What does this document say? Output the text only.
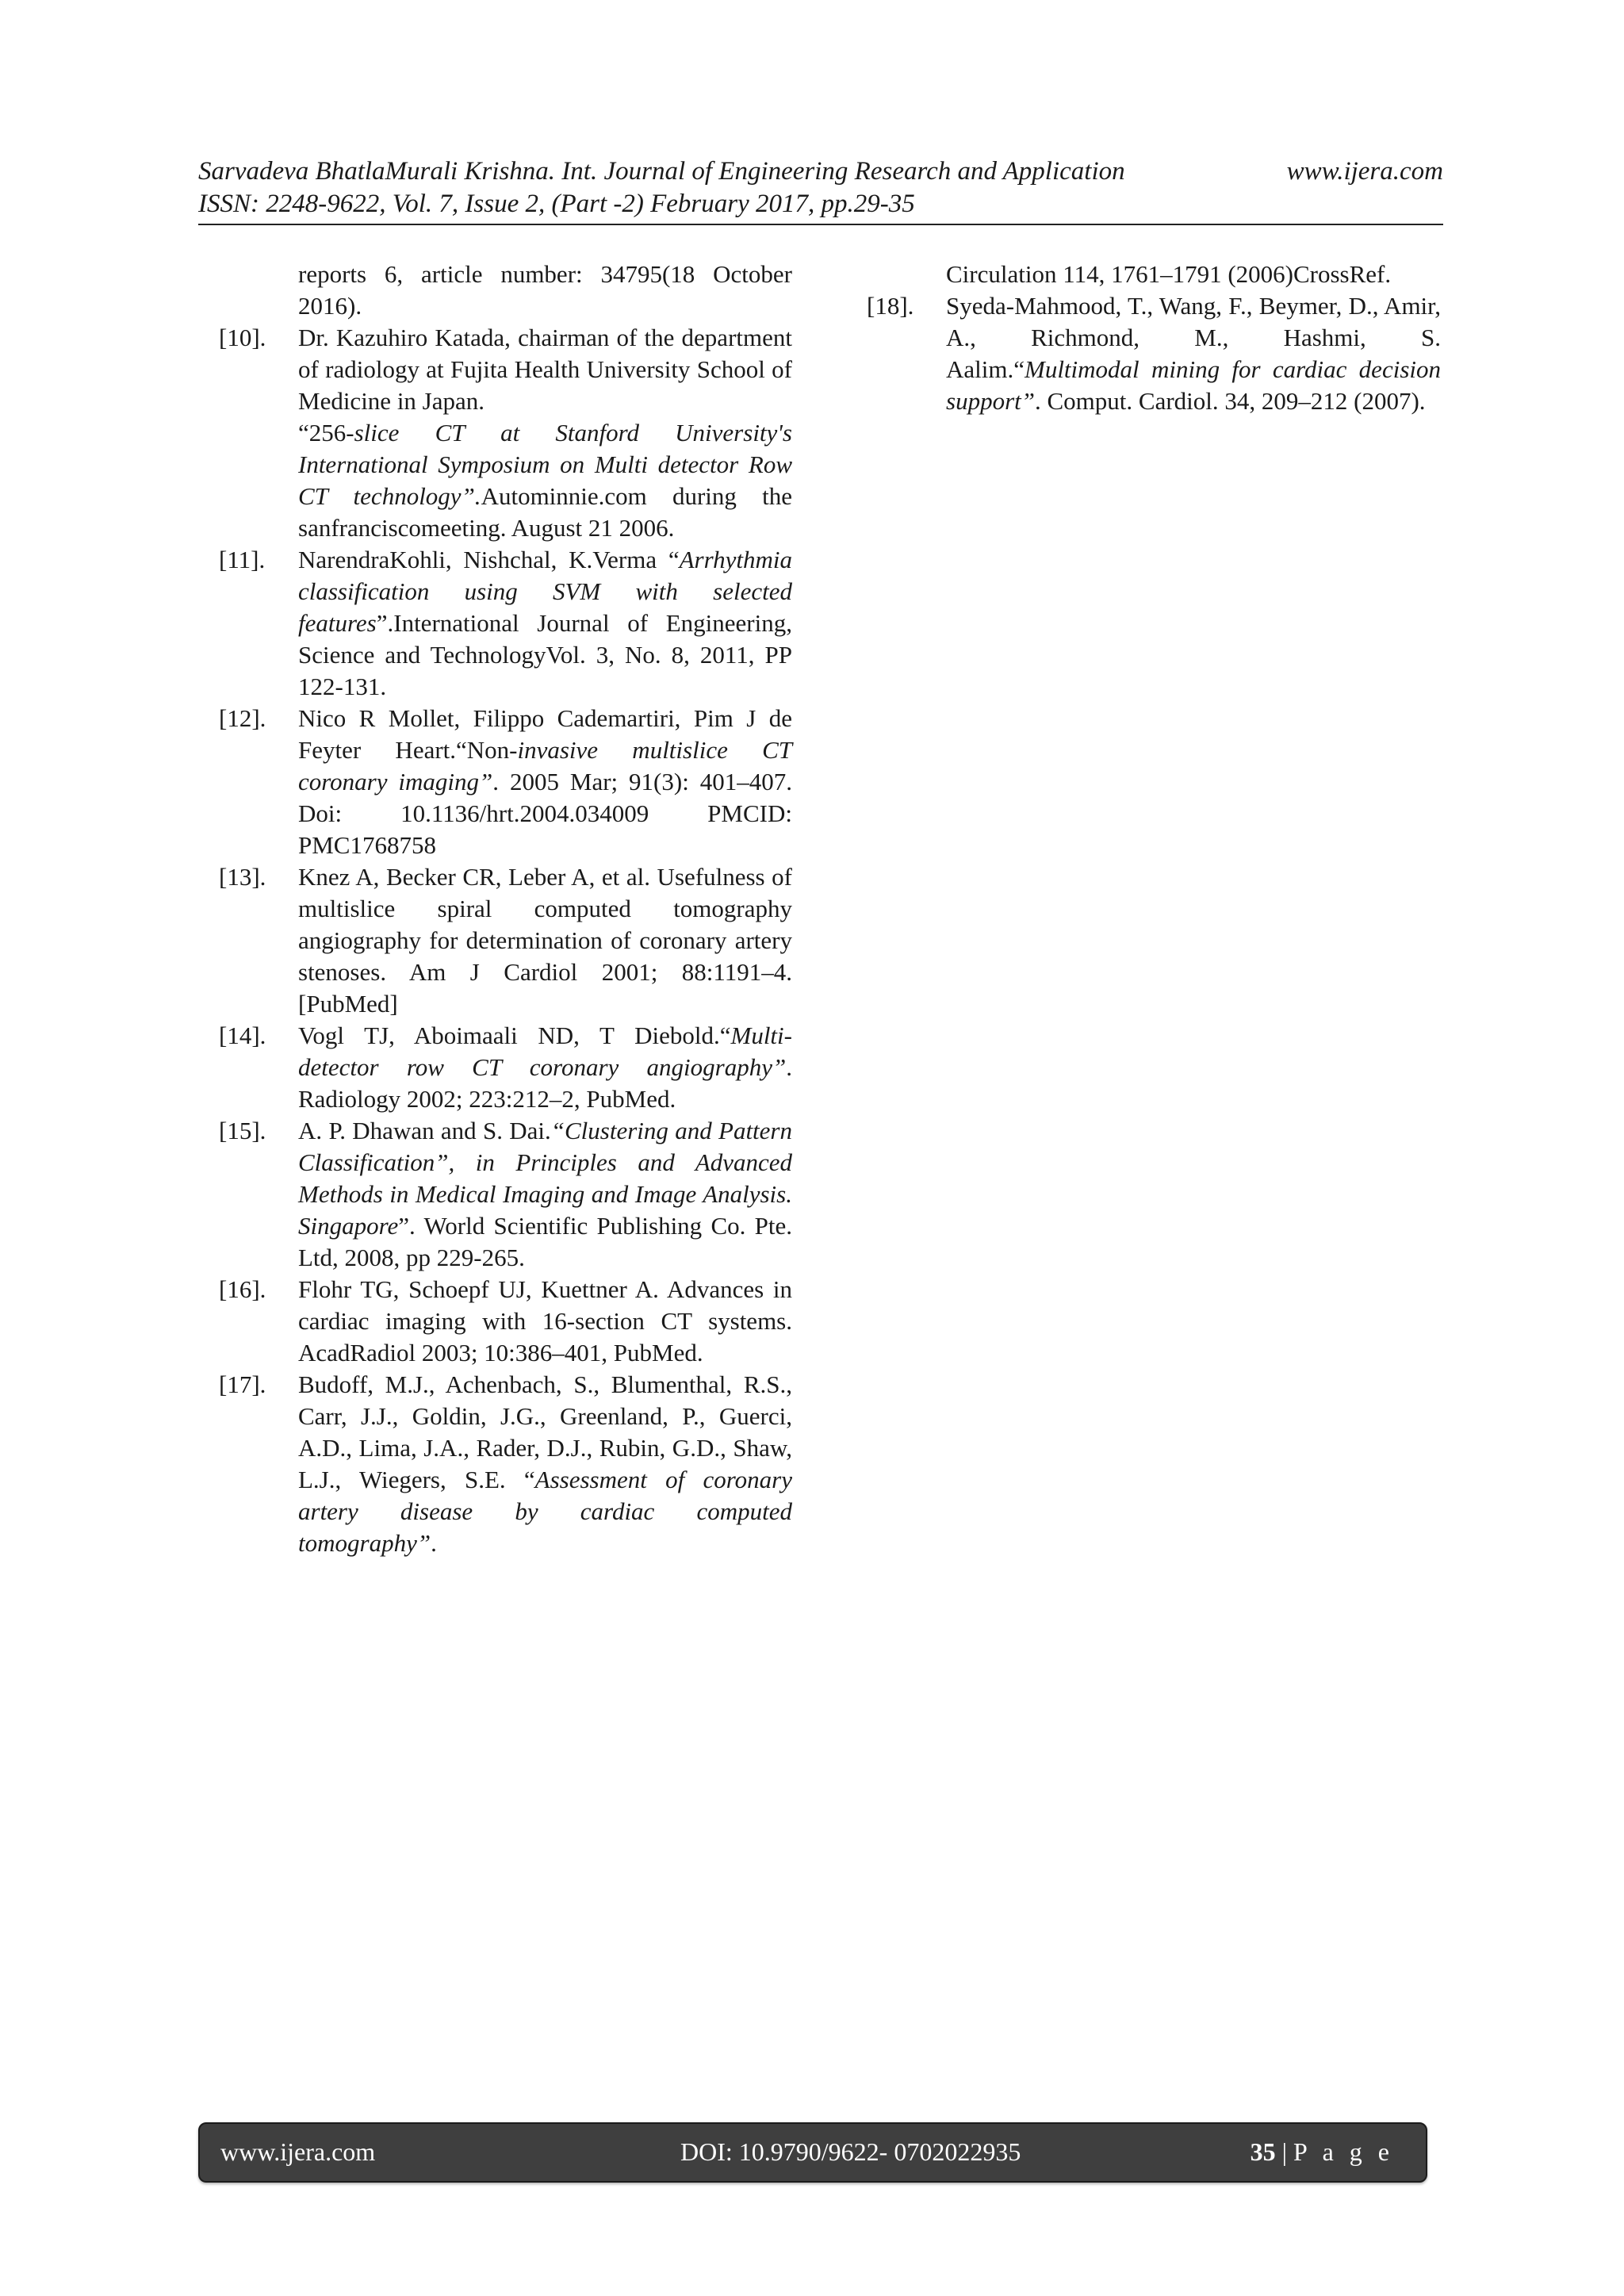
Sarvadeva BhatlaMurali Krishna. Int. Journal of Engineering Research and Application	www.ijera.com
ISSN: 2248-9622, Vol. 7, Issue 2, (Part -2) February 2017, pp.29-35
reports 6, article number: 34795(18 October 2016).
[10].	Dr. Kazuhiro Katada, chairman of the department of radiology at Fujita Health University School of Medicine in Japan.
“256-slice CT at Stanford University's International Symposium on Multi detector Row CT technology”.Autominnie.com during the sanfranciscomeeting. August 21 2006.
[11].	NarendraKohli, Nishchal, K.Verma “Arrhythmia classification using SVM with selected features”.International Journal of Engineering, Science and TechnologyVol. 3, No. 8, 2011, PP 122-131.
[12].	Nico R Mollet, Filippo Cademartiri, Pim J de Feyter Heart.“Non-invasive multislice CT coronary imaging”. 2005 Mar; 91(3): 401–407. Doi: 10.1136/hrt.2004.034009 PMCID: PMC1768758
[13].	Knez A, Becker CR, Leber A, et al. Usefulness of multislice spiral computed tomography angiography for determination of coronary artery stenoses. Am J Cardiol 2001; 88:1191–4. [PubMed]
[14].	Vogl TJ, Aboimaali ND, T Diebold.“Multi-detector row CT coronary angiography”. Radiology 2002; 223:212–2, PubMed.
[15].	A. P. Dhawan and S. Dai.“Clustering and Pattern Classification”, in Principles and Advanced Methods in Medical Imaging and Image Analysis. Singapore”. World Scientific Publishing Co. Pte. Ltd, 2008, pp 229-265.
[16].	Flohr TG, Schoepf UJ, Kuettner A. Advances in cardiac imaging with 16-section CT systems. AcadRadiol 2003; 10:386–401, PubMed.
[17].	Budoff, M.J., Achenbach, S., Blumenthal, R.S., Carr, J.J., Goldin, J.G., Greenland, P., Guerci, A.D., Lima, J.A., Rader, D.J., Rubin, G.D., Shaw, L.J., Wiegers, S.E. “Assessment of coronary artery disease by cardiac computed tomography”.
Circulation 114, 1761–1791 (2006)CrossRef.
[18].	Syeda-Mahmood, T., Wang, F., Beymer, D., Amir, A., Richmond, M., Hashmi, S. Aalim.“Multimodal mining for cardiac decision support”. Comput. Cardiol. 34, 209–212 (2007).
www.ijera.com	DOI: 10.9790/9622- 0702022935	35 | P a g e
